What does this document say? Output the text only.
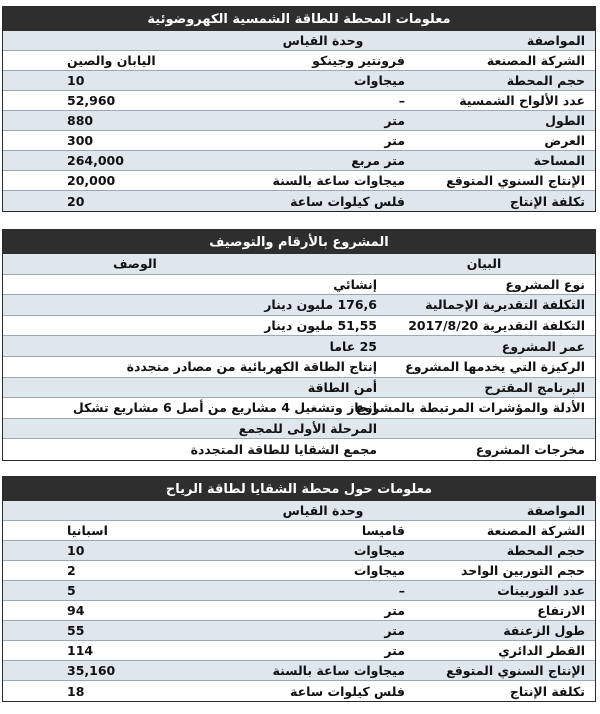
معلومات المحطة للطاقة الشمسية الكهروضوئية
المواصفة
وحدة القياس
الشركة المصنعة
فرونتير وجينكو
اليابان والصين
حجم المحطة
ميجاوات
10
عدد الألواح الشمسية
–
52,960
الطول
متر
880
العرض
متر
300
المساحة
متر مربع
264,000
الإنتاج السنوي المتوقع
ميجاوات ساعة بالسنة
20,000
تكلفة الإنتاج
فلس كيلوات ساعة
20
المشروع بالأرقام والتوصيف
البيان
الوصف
نوع المشروع
إنشائي
التكلفة التقديرية الإجمالية
176,6 مليون دينار
التكلفة التقديرية 2017/8/20
51,55 مليون دينار
عمر المشروع
25 عاما
الركيزة التي يخدمها المشروع
إنتاج الطاقة الكهربائية من مصادر متجددة
البرنامج المقترح
أمن الطاقة
الأدلة والمؤشرات المرتبطة بالمشروع
إنجاز وتشغيل 4 مشاريع من أصل 6 مشاريع تشكل
المرحلة الأولى للمجمع
مخرجات المشروع
مجمع الشقايا للطاقة المتجددة
معلومات حول محطة الشقايا لطاقة الرياح
المواصفة
وحدة القياس
الشركة المصنعة
قاميسا
اسبانيا
حجم المحطة
ميجاوات
10
حجم التوربين الواحد
ميجاوات
2
عدد التوربينات
–
5
الارتفاع
متر
94
طول الزعنفة
متر
55
القطر الدائري
متر
114
الإنتاج السنوي المتوقع
ميجاوات ساعة بالسنة
35,160
تكلفة الإنتاج
فلس كيلوات ساعة
18
